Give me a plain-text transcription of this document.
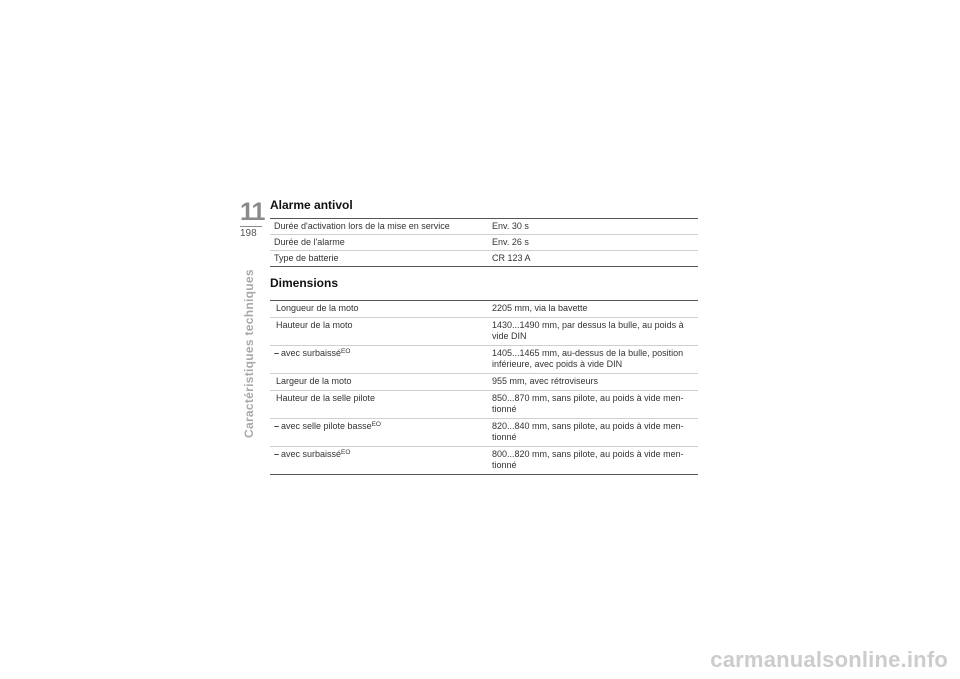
11
198
Caractéristiques techniques
Alarme antivol
Durée d'activation lors de la mise en service	Env. 30 s
Durée de l'alarme	Env. 26 s
Type de batterie	CR 123 A
Dimensions
Longueur de la moto	2205 mm, via la bavette
Hauteur de la moto	1430...1490 mm, par dessus la bulle, au poids à
vide DIN
– avec surbaissé$^{EO}$	1405...1465 mm, au-dessus de la bulle, position
inférieure, avec poids à vide DIN
Largeur de la moto	955 mm, avec rétroviseurs
Hauteur de la selle pilote	850...870 mm, sans pilote, au poids à vide men-
tionné
– avec selle pilote basse$^{EO}$	820...840 mm, sans pilote, au poids à vide men-
tionné
– avec surbaissé$^{EO}$	800...820 mm, sans pilote, au poids à vide men-
tionné
carmanualsonline.info
